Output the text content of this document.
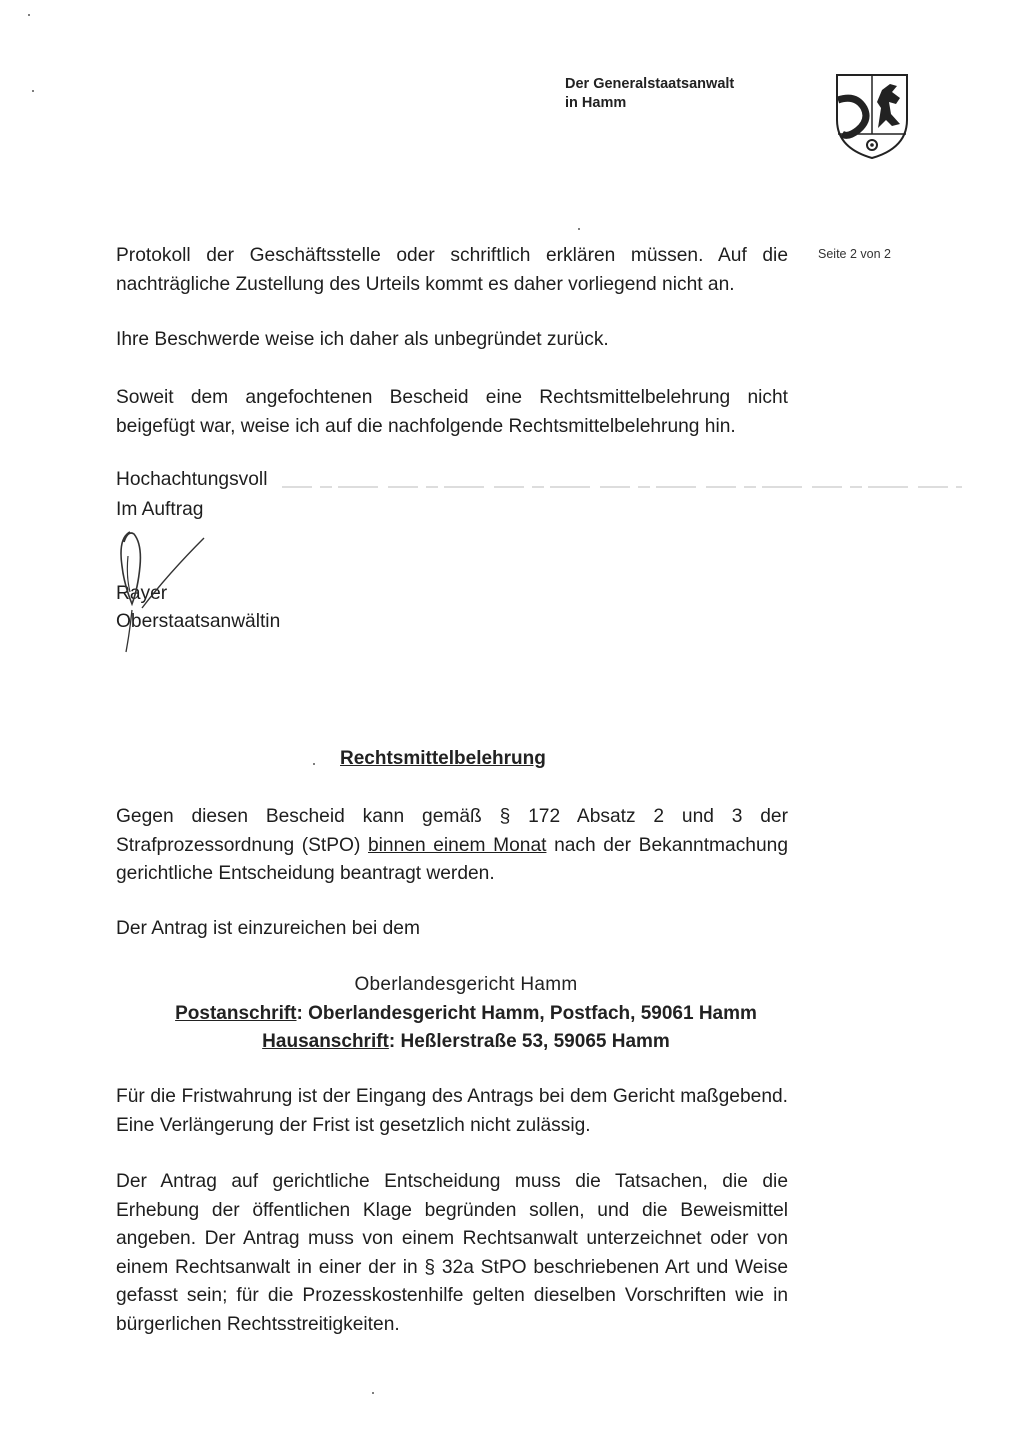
Der Generalstaatsanwalt
in Hamm
Seite 2 von 2
Protokoll der Geschäftsstelle oder schriftlich erklären müssen. Auf die nachträgliche Zustellung des Urteils kommt es daher vorliegend nicht an.
Ihre Beschwerde weise ich daher als unbegründet zurück.
Soweit dem angefochtenen Bescheid eine Rechtsmittelbelehrung nicht beigefügt war, weise ich auf die nachfolgende Rechtsmittelbelehrung hin.
Hochachtungsvoll
Im Auftrag
Rayer
Oberstaatsanwältin
Rechtsmittelbelehrung
Gegen diesen Bescheid kann gemäß § 172 Absatz 2 und 3 der Strafprozessordnung (StPO) binnen einem Monat nach der Bekanntmachung gerichtliche Entscheidung beantragt werden.
Der Antrag ist einzureichen bei dem
Oberlandesgericht Hamm
Postanschrift: Oberlandesgericht Hamm, Postfach, 59061 Hamm
Hausanschrift: Heßlerstraße 53, 59065 Hamm
Für die Fristwahrung ist der Eingang des Antrags bei dem Gericht maßgebend. Eine Verlängerung der Frist ist gesetzlich nicht zulässig.
Der Antrag auf gerichtliche Entscheidung muss die Tatsachen, die die Erhebung der öffentlichen Klage begründen sollen, und die Beweismittel angeben. Der Antrag muss von einem Rechtsanwalt unterzeichnet oder von einem Rechtsanwalt in einer der in § 32a StPO beschriebenen Art und Weise gefasst sein; für die Prozesskostenhilfe gelten dieselben Vorschriften wie in bürgerlichen Rechtsstreitigkeiten.
